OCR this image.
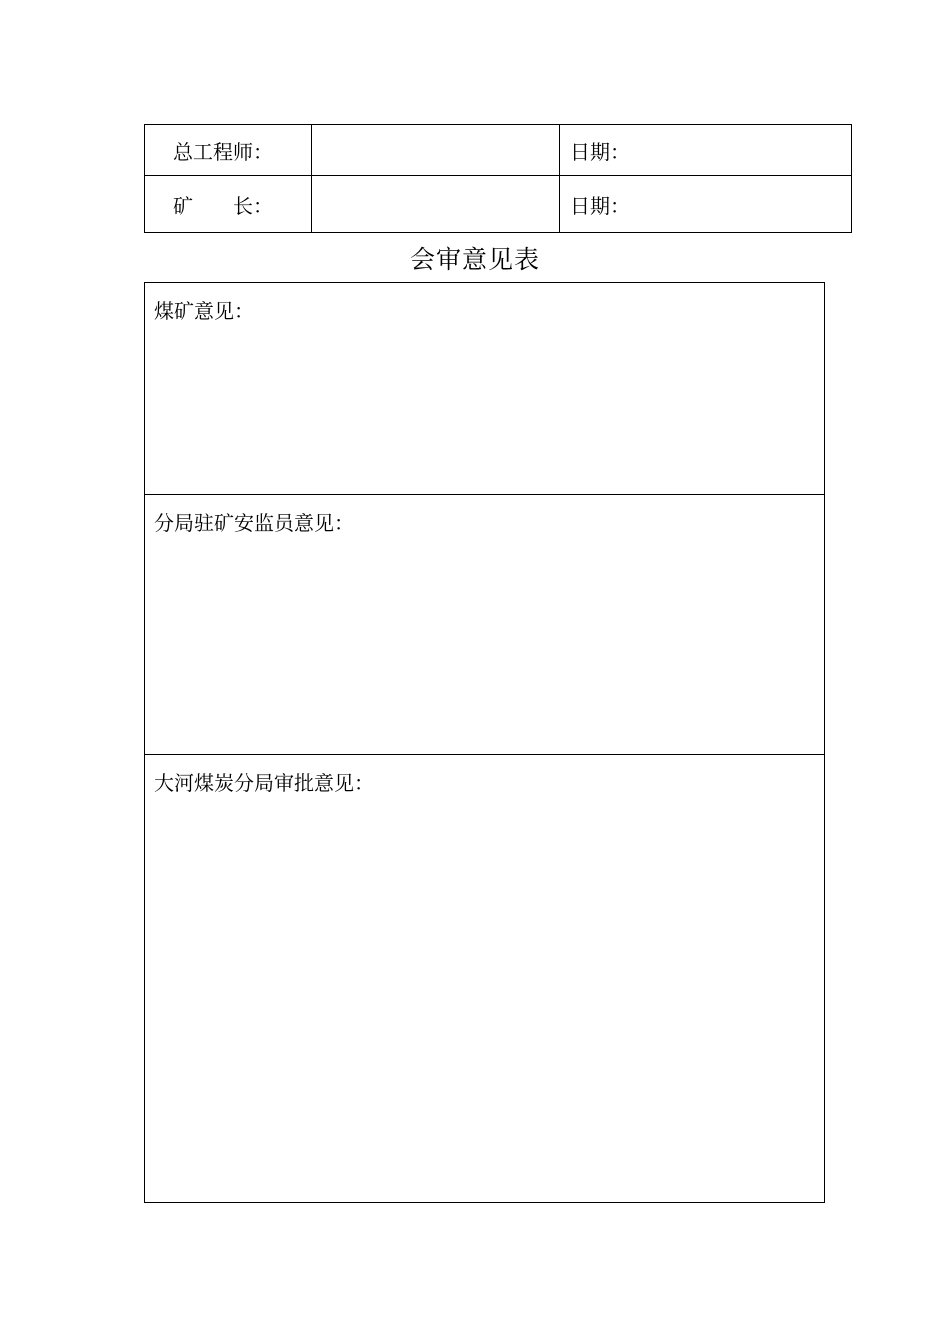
总工程师：		日期：
矿　　长：		日期：
会审意见表
煤矿意见：

分局驻矿安监员意见：

大河煤炭分局审批意见：
